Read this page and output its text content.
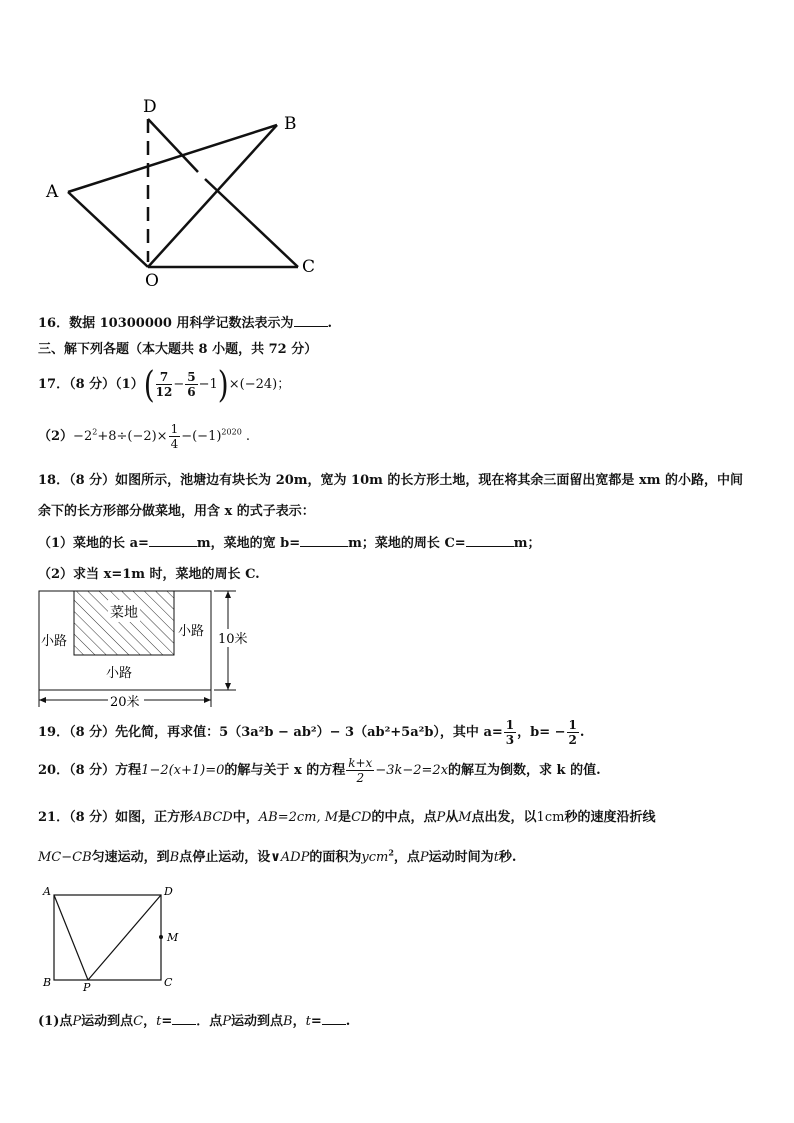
D
B
A
O
C
16．数据 10300000 用科学记数法表示为	.
三、解下列各题（本大题共 8 小题，共 72 分）
17．（8 分）$(1)( \frac{7}{12} - \frac{5}{6} -1)\times(-24)$；
$(2)-2^2+8\div(-2)\times \frac{1}{4} -(-1)^{2020}$ .
18．（8 分）如图所示，池塘边有块长为 20m，宽为 10m 的长方形土地，现在将其余三面留出宽都是 xm 的小路，中间
余下的长方形部分做菜地，用含 x 的式子表示：
（1）菜地的长 a=	m，菜地的宽 b=	m；菜地的周长 C=	m；
（2）求当 x=1m 时，菜地的周长 C.
菜地
小路
小路
小路
10米
20米
19．（8 分）先化简，再求值：5（3a²b − ab²）− 3（ab²+5a²b），其中 $a= \frac{1}{3}$ ，$b= - \frac{1}{2}$ .
20．（8 分）方程1−2(x+1)=0的解与关于 x 的方程 $\frac{k+x}{2} -3k-2=2x$的解互为倒数，求 k 的值.
21．（8 分）如图，正方形ABCD中，AB=2cm, M是CD的中点，点P从M点出发，以1cm秒的速度沿折线
MC−CB匀速运动，到B点停止运动，设∨ADP的面积为ycm$^2$，点P运动时间为t秒.
A	D
M
B	P	C
(1)点P运动到点C，t= ．点P运动到点B，t= .
